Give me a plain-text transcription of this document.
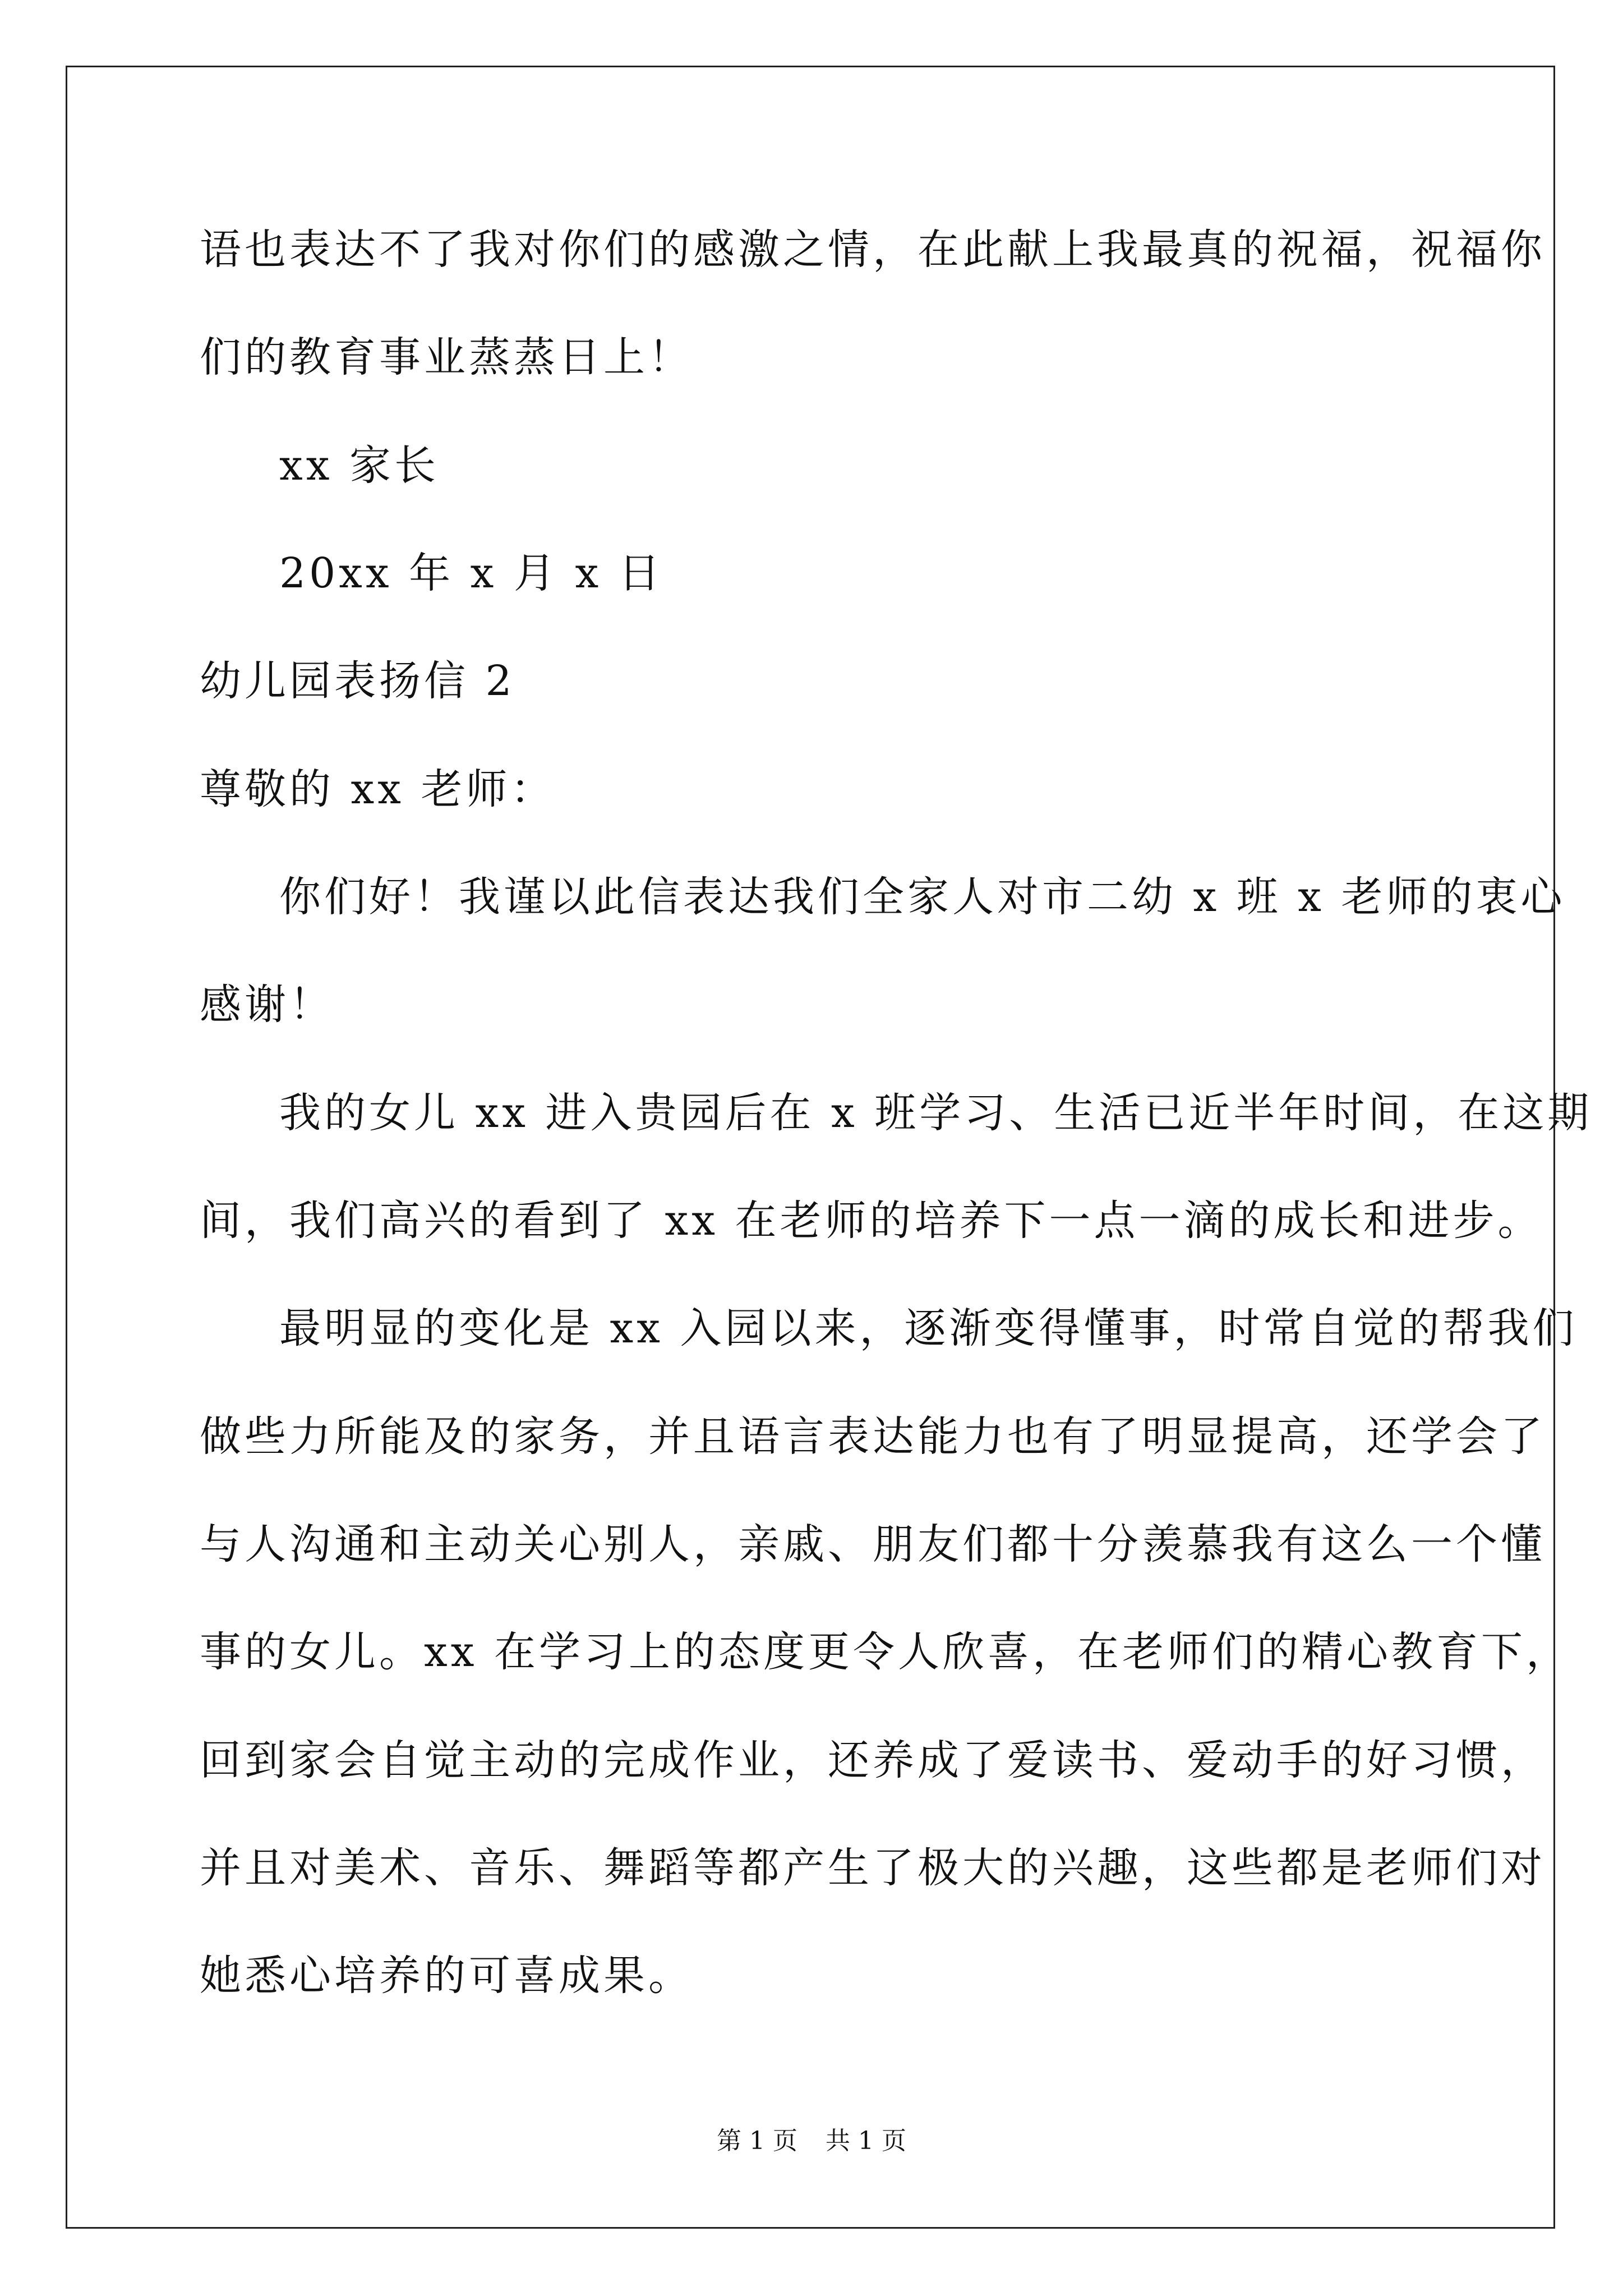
语也表达不了我对你们的感激之情，在此献上我最真的祝福，祝福你
们的教育事业蒸蒸日上！
xx 家长
20xx 年 x 月 x 日
幼儿园表扬信 2
尊敬的 xx 老师：
你们好！我谨以此信表达我们全家人对市二幼 x 班 x 老师的衷心
感谢！
我的女儿 xx 进入贵园后在 x 班学习、生活已近半年时间，在这期
间，我们高兴的看到了 xx 在老师的培养下一点一滴的成长和进步。
最明显的变化是 xx 入园以来，逐渐变得懂事，时常自觉的帮我们
做些力所能及的家务，并且语言表达能力也有了明显提高，还学会了
与人沟通和主动关心别人，亲戚、朋友们都十分羡慕我有这么一个懂
事的女儿。xx 在学习上的态度更令人欣喜，在老师们的精心教育下，
回到家会自觉主动的完成作业，还养成了爱读书、爱动手的好习惯，
并且对美术、音乐、舞蹈等都产生了极大的兴趣，这些都是老师们对
她悉心培养的可喜成果。
第 1 页 共 1 页
